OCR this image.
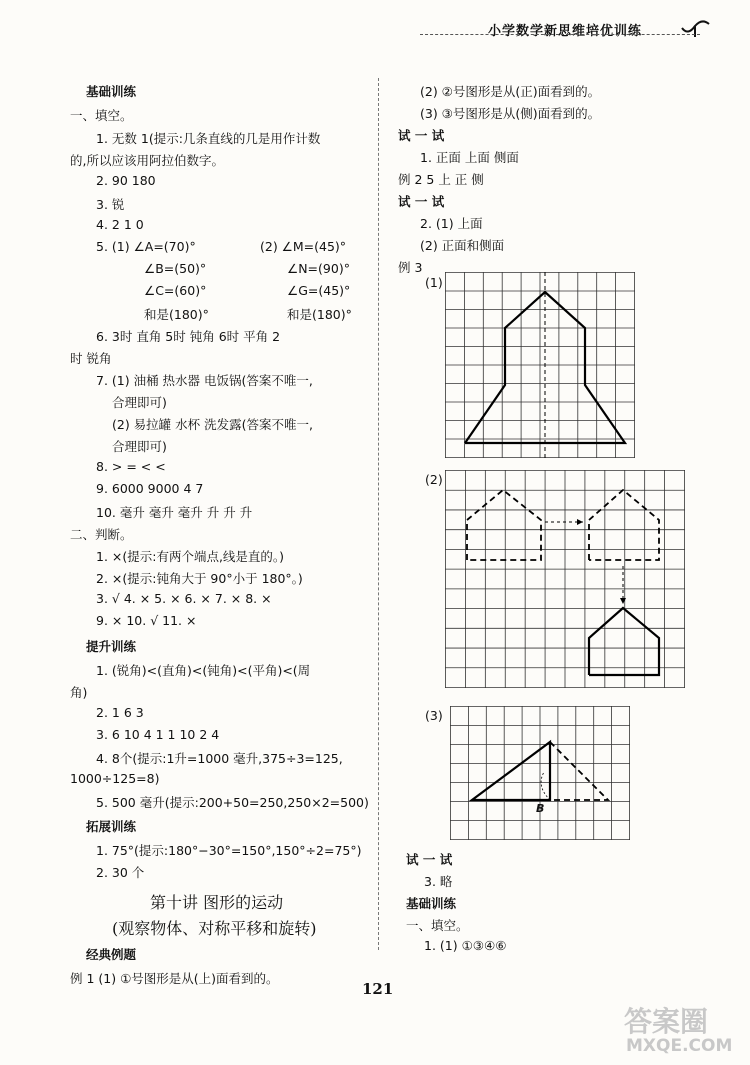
小学数学新思维培优训练
基础训练
一、填空。
1. 无数 1(提示:几条直线的几是用作计数
的,所以应该用阿拉伯数字。
2. 90 180
3. 锐
4. 2 1 0
5. (1) ∠A=(70)°	(2) ∠M=(45)°
∠B=(50)°	∠N=(90)°
∠C=(60)°	∠G=(45)°
和是(180)°	和是(180)°
6. 3时 直角 5时 钝角 6时 平角 2
时 锐角
7. (1) 油桶 热水器 电饭锅(答案不唯一,
合理即可)
(2) 易拉罐 水杯 洗发露(答案不唯一,
合理即可)
8. > = < <
9. 6000 9000 4 7
10. 毫升 毫升 毫升 升 升 升
二、判断。
1. ×(提示:有两个端点,线是直的。)
2. ×(提示:钝角大于 90°小于 180°。)
3. √ 4. × 5. × 6. × 7. × 8. ×
9. × 10. √ 11. ×
提升训练
1. (锐角)<(直角)<(钝角)<(平角)<(周
角)
2. 1 6 3
3. 6 10 4 1 1 10 2 4
4. 8个(提示:1升=1000 毫升,375÷3=125,
1000÷125=8)
5. 500 毫升(提示:200+50=250,250×2=500)
拓展训练
1. 75°(提示:180°−30°=150°,150°÷2=75°)
2. 30 个
第十讲 图形的运动
(观察物体、对称平移和旋转)
经典例题
例 1 (1) ①号图形是从(上)面看到的。
(2) ②号图形是从(正)面看到的。
(3) ③号图形是从(侧)面看到的。
试 一 试
1. 正面 上面 侧面
例 2 5 上 正 侧
试 一 试
2. (1) 上面
(2) 正面和侧面
例 3
(1)
(2)
(3)
B
试 一 试
3. 略
基础训练
一、填空。
1. (1) ①③④⑥
121
答案圈
MXQE.COM
